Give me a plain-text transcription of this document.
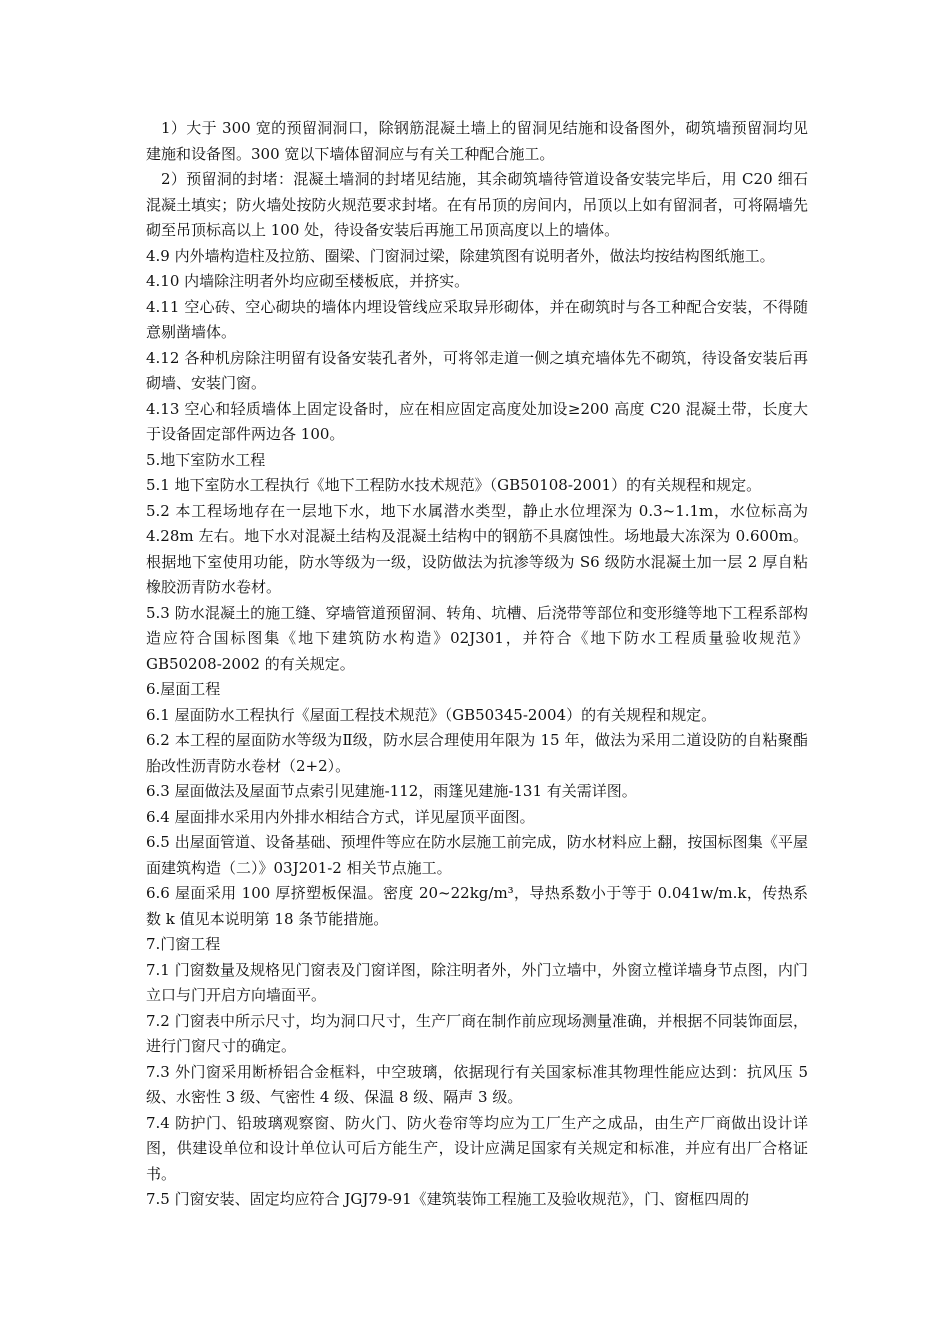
1）大于 300 宽的预留洞洞口，除钢筋混凝土墙上的留洞见结施和设备图外，砌筑墙预留洞均见建施和设备图。300 宽以下墙体留洞应与有关工种配合施工。

2）预留洞的封堵：混凝土墙洞的封堵见结施，其余砌筑墙待管道设备安装完毕后，用 C20 细石混凝土填实；防火墙处按防火规范要求封堵。在有吊顶的房间内，吊顶以上如有留洞者，可将隔墙先砌至吊顶标高以上 100 处，待设备安装后再施工吊顶高度以上的墙体。

4.9 内外墙构造柱及拉筋、圈梁、门窗洞过梁，除建筑图有说明者外，做法均按结构图纸施工。

4.10 内墙除注明者外均应砌至楼板底，并挤实。

4.11 空心砖、空心砌块的墙体内埋设管线应采取异形砌体，并在砌筑时与各工种配合安装，不得随意剔凿墙体。

4.12 各种机房除注明留有设备安装孔者外，可将邻走道一侧之填充墙体先不砌筑，待设备安装后再砌墙、安装门窗。

4.13 空心和轻质墙体上固定设备时，应在相应固定高度处加设≥200 高度 C20 混凝土带，长度大于设备固定部件两边各 100。

5.地下室防水工程

5.1 地下室防水工程执行《地下工程防水技术规范》（GB50108-2001）的有关规程和规定。

5.2 本工程场地存在一层地下水，地下水属潜水类型，静止水位埋深为 0.3~1.1m，水位标高为 4.28m 左右。地下水对混凝土结构及混凝土结构中的钢筋不具腐蚀性。场地最大冻深为 0.600m。根据地下室使用功能，防水等级为一级，设防做法为抗渗等级为 S6 级防水混凝土加一层 2 厚自粘橡胶沥青防水卷材。

5.3 防水混凝土的施工缝、穿墙管道预留洞、转角、坑槽、后浇带等部位和变形缝等地下工程系部构造应符合国标图集《地下建筑防水构造》02J301，并符合《地下防水工程质量验收规范》GB50208-2002 的有关规定。

6.屋面工程

6.1 屋面防水工程执行《屋面工程技术规范》（GB50345-2004）的有关规程和规定。

6.2 本工程的屋面防水等级为Ⅱ级，防水层合理使用年限为 15 年，做法为采用二道设防的自粘聚酯胎改性沥青防水卷材（2+2）。

6.3 屋面做法及屋面节点索引见建施-112，雨篷见建施-131 有关需详图。

6.4 屋面排水采用内外排水相结合方式，详见屋顶平面图。

6.5 出屋面管道、设备基础、预埋件等应在防水层施工前完成，防水材料应上翻，按国标图集《平屋面建筑构造（二）》03J201-2 相关节点施工。

6.6 屋面采用 100 厚挤塑板保温。密度 20~22kg/m³，导热系数小于等于 0.041w/m.k，传热系数 k 值见本说明第 18 条节能措施。

7.门窗工程

7.1 门窗数量及规格见门窗表及门窗详图，除注明者外，外门立墙中，外窗立樘详墙身节点图，内门立口与门开启方向墙面平。

7.2 门窗表中所示尺寸，均为洞口尺寸，生产厂商在制作前应现场测量准确，并根据不同装饰面层，进行门窗尺寸的确定。

7.3 外门窗采用断桥铝合金框料，中空玻璃，依据现行有关国家标准其物理性能应达到：抗风压 5 级、水密性 3 级、气密性 4 级、保温 8 级、隔声 3 级。

7.4 防护门、铅玻璃观察窗、防火门、防火卷帘等均应为工厂生产之成品，由生产厂商做出设计详图，供建设单位和设计单位认可后方能生产，设计应满足国家有关规定和标准，并应有出厂合格证书。

7.5 门窗安装、固定均应符合 JGJ79-91《建筑装饰工程施工及验收规范》，门、窗框四周的
